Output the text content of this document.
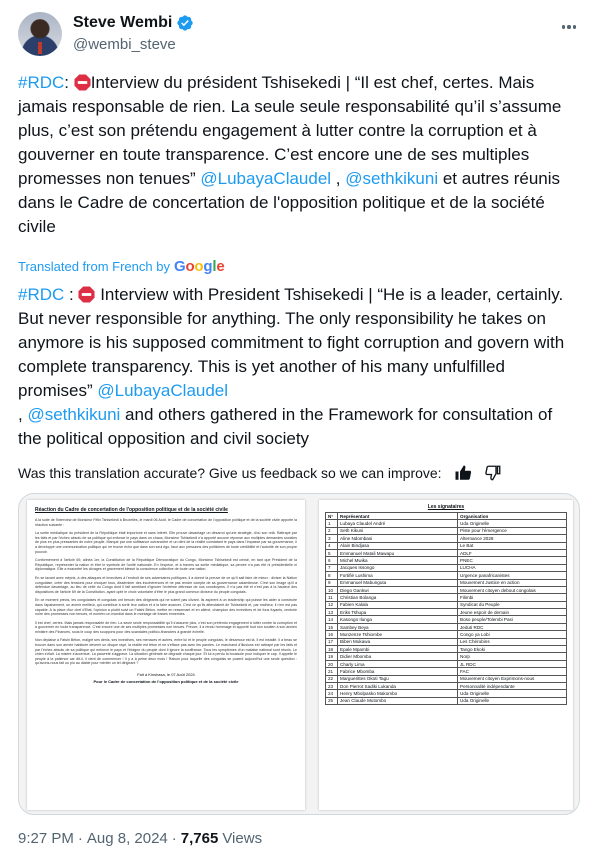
Steve Wembi
@wembi_steve
#RDC: Interview du président Tshisekedi | “Il est chef, certes. Mais jamais responsable de rien. La seule seule responsabilité qu’il s’assume plus, c’est son prétendu engagement à lutter contre la corruption et à gouverner en toute transparence. C’est encore une de ses multiples promesses non tenues” @LubayaClaudel , @sethkikuni et autres réunis dans le Cadre de concertation de l'opposition politique et de la société civile
Translated from French by Google
#RDC :  Interview with President Tshisekedi | “He is a leader, certainly. But never responsible for anything. The only responsibility he takes on anymore is his supposed commitment to fight corruption and govern with complete transparency. This is yet another of his many unfulfilled promises” @LubayaClaudel
, @sethkikuni and others gathered in the Framework for consultation of the political opposition and civil society
Was this translation accurate? Give us feedback so we can improve:
Réaction du Cadre de concertation de l'opposition politique et de la société civile
A la suite de l'interview de Monsieur Félix Tshisekedi à Bruxelles, le mardi 06 Août, le Cadre de concertation de l'opposition politique et de la société civile apporte la réaction suivante :
La sortie médiatique du président de la République était importune et sans intérêt. Elle prouve davantage un désarroi qu'une stratégie, d'où son relâ. Rattrapé par les faits et par l'échec absolu de sa politique qui enfonce le pays dans un chaos, Monsieur Tshisekedi n'a apporté aucune réponse aux multiples demandes sociales de plus en plus pressantes de notre peuple. Marqué par une suffisance outrancière et un déni de la réalité constatant le pays dans l'impasse par sa gouvernance, il a développé une communication politique qui ne trouve écho que dans son seul égo, face aux pressions des politiciens de toute crédibilité et l'autorité de son propre pouvoir.
Conformément à l'article 69, alinéa 1er, la Constitution de la République Démocratique du Congo, Monsieur Tshisekedi est censé, en tant que Président de la République, représenter la nation et être le symbole de l'unité nationale. En l'espèce, et à travers sa sortie médiatique, sa percée n'a pas été ni présidentielle ni diplomatique. Elle a exacerbé les clivages et gravement blessé la conscience collective de toute une nation.
En se lavant avec mépris, à des attaques et invectives à l'endroit de ses adversaires politiques, il a donné la preuve de ce qu'il sait faire de mieux : diviser la Nation congolaise, créer des tensions pour choquer tous, disséminer des incohérences et ne pas rendre compte de sa gouvernance calamiteuse. C'est son image qu'il a défendue davantage, au lieu de celle du Congo dont il fait semblant d'ignorer l'extrême détresse de nos concitoyens. Il n'a pas été et n'est pas à la hauteur des dispositions de l'article 69 de la Constitution, ayant opté le choix volontaire d'être le plus grand commun diviseur du peuple congolais.
En ce moment précis, les congolaises et congolais ont besoin des dirigeants qui ne soient pas clivant. Ils aspirent à un leadership qui puisse les aider à construire dans l'apaisement, un avenir meilleur, qui contribue à sortir leur nation et à la faire avancer. C'est ce qu'ils attendaient de Tshisekedi et, par malheur, il n'en est pas capable. A la place d'un chef d'Etat, l'opinion a plutôt suivi un Fatshi Béton, mettre en ressemant et en aliéné, champion des invectives et de fous fuyants, centurie noire des promesses non tenues, et numéro un mondial dans le montage de fosses ennemies.
Il est chef, certes. Mais jamais responsable de rien. La seule seule responsabilité qu'il s'assume plus, c'est son prétendu engagement à lutter contre la corruption et à gouverner en toute transparence. C'est encore une de ses multiples promesses non tenues. Preuve, il a rendu hommage et apporté tout son soutien à son ancien ministre des Finances, sous le coup des soupçons pour des scandales politico-financiers à grande échelle.
Non déplaise à Fatshi Béton, malgré ses dénis, ses invectives, ses menaces et autres, entre lui et le peuple congolais, le désamour est là. Il est installé. Il a beau se trouver dans son armée habituée devenir un disque rayé, la réalité est têtue et ne s'efface pas avec les paroles. Le marchand d'illusions est rattrapé par les faits et par l'échec absolu de sa politique qui enfonce le pays et l'éloigne du peuple dont il ignore la souffrance. Tous les symptômes d'un malaise national sont réunis. Le chien s'élait. La misère s'accentue. La pauvreté s'aggrave. La situation générale se dégrade chaque jour. Et lui a perdu la boussole pour indiquer le cap. Il appelle le peuple à la patience car dit-il, il vient de commencer ! Il y a à peine deux mois ! Raison pour laquelle des congolais se posent aujourd'hui une seule question : qu'avons-nous fait ou plu au diable pour mériter un tel dirigeant ?
Fait à Kinshasa, le 07 Août 2024
Pour le Cadre de concertation de l'opposition politique et de la société civile
Les signataires
N°	Représentant	Organisation
1	Lubaya Claudel André	Uda Originelle
2	Seth Kikuni	Piste pour l'émergence
3	Aline Ndombasi	Alternance 2028
4	Alain Bindjasa	Le Bat
5	Emmanuel Matali Mawapu	ADLF
6	Michel Mwika	PNEC
7	Jacques Issongo	LUCHA
8	Fortifié Lushima	Urgence panafricanistes
9	Emmanuel Mabunguta	Mouvement Justice en action
10	Diego Gankwi	Mouvement citoyen debout congolais
11	Christian Bolanga	Filimbi
12	Fabien Kalala	Syndicat du Peuple
13	Eriks Tshupa	Jeune espoir de demain
14	Kasongo Ilunga	Boso peuple/Tolembi Pasi
15	Sambey Beya	Jeduti RDC
16	Munzenze Tshiombe	Congo ya Lobi
17	Biben Mukawa	Les Chérubins
18	Epale Mpambi	Tango Ekoki
19	Didier Mbomba	Norp
20	Charly Lima	JL RDC
21	Fabrice Mbomba	FAC
22	Marguerittes Okoti Tagu	Mouvement citoyen Exprimons-nous
23	Don Pierrot Sadiki Lukanda	Personnalité indépendante
24	Henry Mbolpasko Makombo	Uda Originelle
25	Jean Claude Mutombo	Uda Originelle
9:27 PM · Aug 8, 2024 · 7,765 Views
